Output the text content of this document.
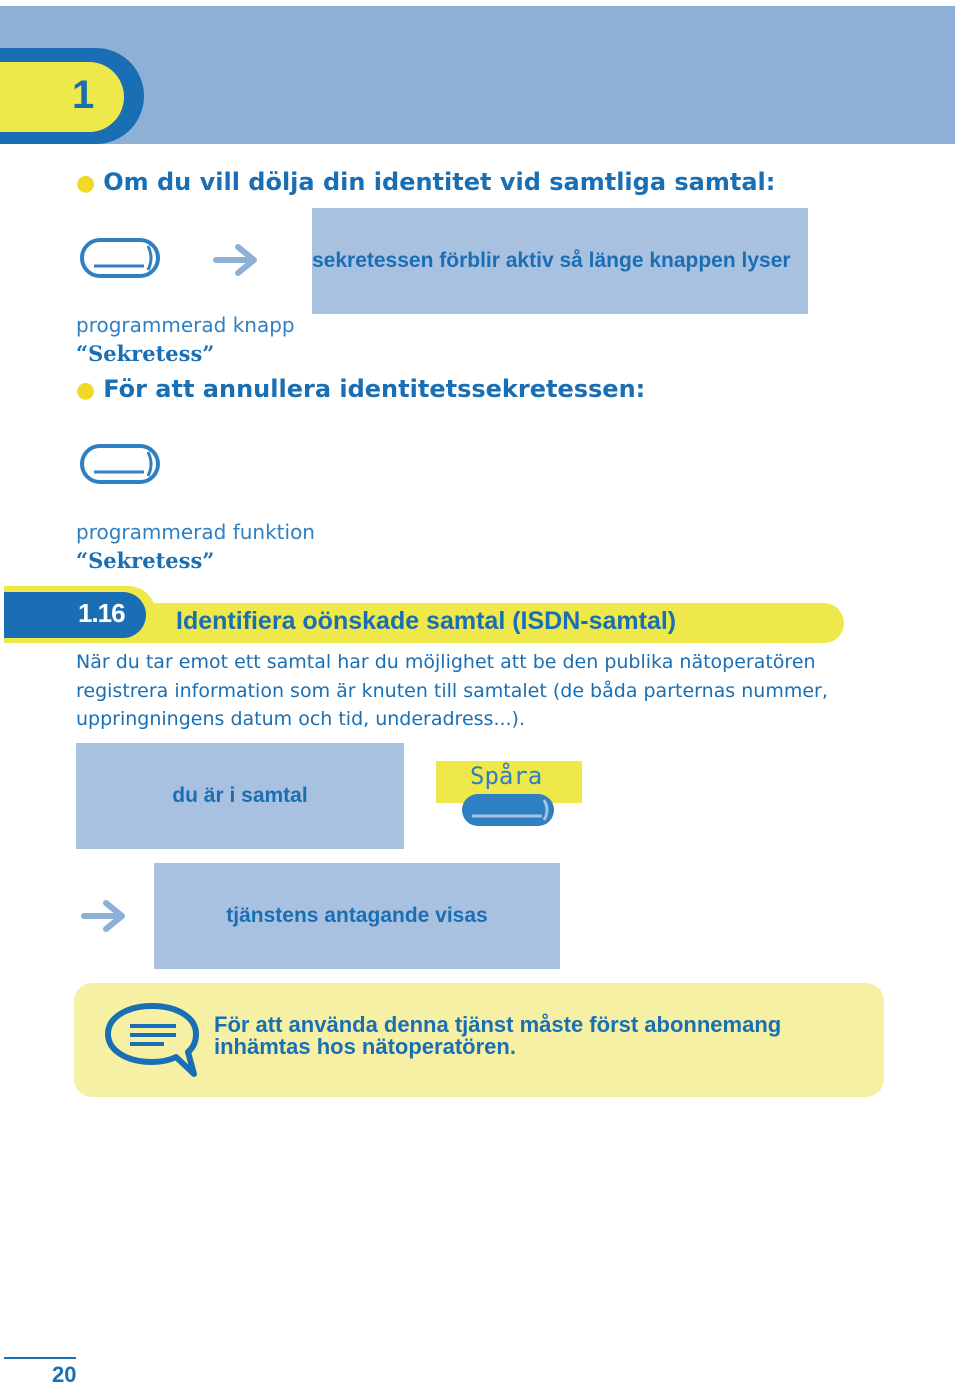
1
● Om du vill dölja din identitet vid samtliga samtal:
sekretessen förblir aktiv så länge knappen lyser
programmerad knapp
“Sekretess”
● För att annullera identitetssekretessen:
programmerad funktion
“Sekretess”
1.16 Identifiera oönskade samtal (ISDN-samtal)
När du tar emot ett samtal har du möjlighet att be den publika nätoperatören
registrera information som är knuten till samtalet (de båda parternas nummer,
uppringningens datum och tid, underadress...).
du är i samtal
Spåra
tjänstens antagande visas
För att använda denna tjänst måste först abonnemang
inhämtas hos nätoperatören.
20
